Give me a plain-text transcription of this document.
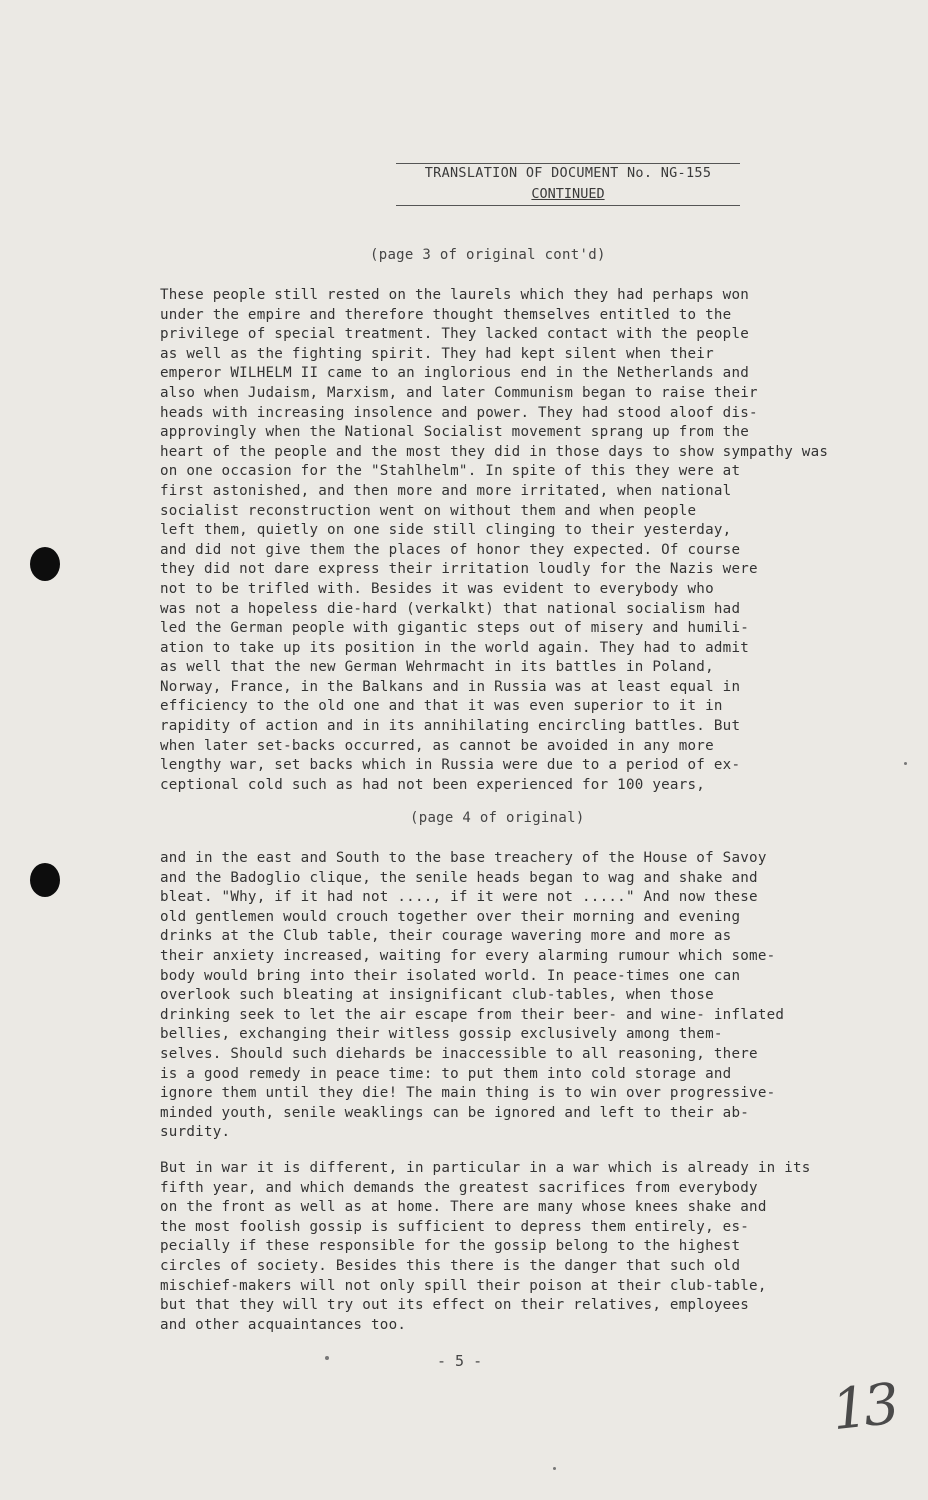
TRANSLATION OF DOCUMENT No. NG-155
CONTINUED
(page 3 of original cont'd)
These people still rested on the laurels which they had perhaps won
under the empire and therefore thought themselves entitled to the
privilege of special treatment. They lacked contact with the people
as well as the fighting spirit. They had kept silent when their
emperor WILHELM II came to an inglorious end in the Netherlands and
also when Judaism, Marxism, and later Communism began to raise their
heads with increasing insolence and power. They had stood aloof dis-
approvingly when the National Socialist movement sprang up from the
heart of the people and the most they did in those days to show sympathy was
on one occasion for the "Stahlhelm". In spite of this they were at
first astonished, and then more and more irritated, when national
socialist reconstruction went on without them and when people
left them, quietly on one side still clinging to their yesterday,
and did not give them the places of honor they expected. Of course
they did not dare express their irritation loudly for the Nazis were
not to be trifled with. Besides it was evident to everybody who
was not a hopeless die-hard (verkalkt) that national socialism had
led the German people with gigantic steps out of misery and humili-
ation to take up its position in the world again. They had to admit
as well that the new German Wehrmacht in its battles in Poland,
Norway, France, in the Balkans and in Russia was at least equal in
efficiency to the old one and that it was even superior to it in
rapidity of action and in its annihilating encircling battles. But
when later set-backs occurred, as cannot be avoided in any more
lengthy war, set backs which in Russia were due to a period of ex-
ceptional cold such as had not been experienced for 100 years,
(page 4 of original)
and in the east and South to the base treachery of the House of Savoy
and the Badoglio clique, the senile heads began to wag and shake and
bleat. "Why, if it had not ...., if it were not ....." And now these
old gentlemen would crouch together over their morning and evening
drinks at the Club table, their courage wavering more and more as
their anxiety increased, waiting for every alarming rumour which some-
body would bring into their isolated world. In peace-times one can
overlook such bleating at insignificant club-tables, when those
drinking seek to let the air escape from their beer- and wine- inflated
bellies, exchanging their witless gossip exclusively among them-
selves. Should such diehards be inaccessible to all reasoning, there
is a good remedy in peace time: to put them into cold storage and
ignore them until they die! The main thing is to win over progressive-
minded youth, senile weaklings can be ignored and left to their ab-
surdity.
But in war it is different, in particular in a war which is already in its
fifth year, and which demands the greatest sacrifices from everybody
on the front as well as at home. There are many whose knees shake and
the most foolish gossip is sufficient to depress them entirely, es-
pecially if these responsible for the gossip belong to the highest
circles of society. Besides this there is the danger that such old
mischief-makers will not only spill their poison at their club-table,
but that they will try out its effect on their relatives, employees
and other acquaintances too.
- 5 -
13
